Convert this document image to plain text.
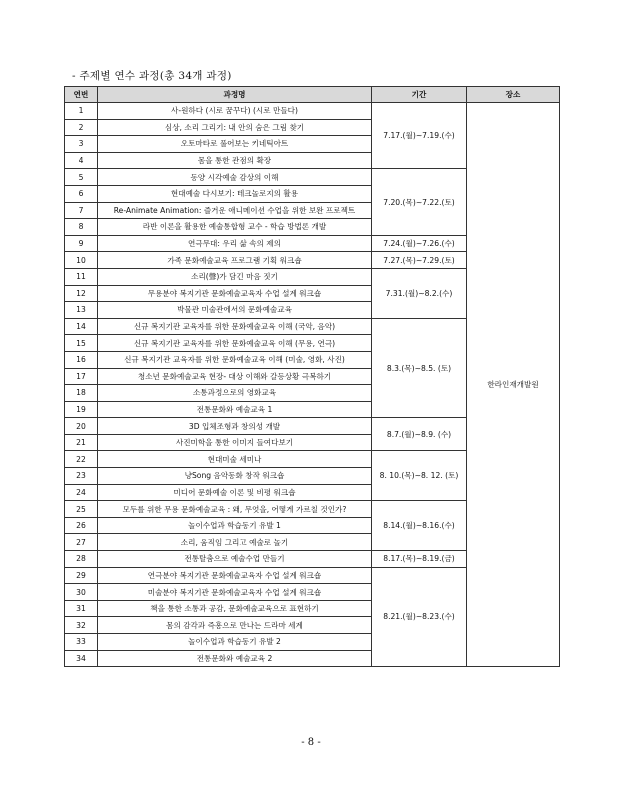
- 주제별 연수 과정(총 34개 과정)
연번	과정명	기간	장소
1	사-원하다 (시로 꿈꾸다) (시로 만들다)	7.17.(월)~7.19.(수)	한라인재개발원
2	심상, 소리 그리기: 내 안의 숨은 그림 찾기		
3	오토마타로 풀어보는 키네틱아트		
4	몸을 통한 관점의 확장		
5	동양 시각예술 감상의 이해	7.20.(목)~7.22.(토)	
6	현대예술 다시보기: 테크놀로지의 활용		
7	Re-Animate Animation: 즐거운 애니메이션 수업을 위한 보완 프로젝트		
8	라반 이론을 활용한 예술통합형 교수 - 학습 방법론 개발		
9	연극무대: 우리 삶 속의 제의	7.24.(월)~7.26.(수)	
10	가족 문화예술교육 프로그램 기획 워크숍	7.27.(목)~7.29.(토)	
11	소리(聲)가 담긴 마음 짓기	7.31.(월)~8.2.(수)	
12	무용분야 복지기관 문화예술교육자 수업 설계 워크숍		
13	박물관 미술관에서의 문화예술교육		
14	신규 복지기관 교육자를 위한 문화예술교육 이해 (국악, 음악)	8.3.(목)~8.5. (토)	
15	신규 복지기관 교육자를 위한 문화예술교육 이해 (무용, 연극)		
16	신규 복지기관 교육자를 위한 문화예술교육 이해 (미술, 영화, 사진)		
17	청소년 문화예술교육 현장- 대상 이해와 갈등상황 극복하기		
18	소통과정으로의 영화교육		
19	전통문화와 예술교육 1		
20	3D 입체조형과 창의성 개발	8.7.(월)~8.9. (수)	
21	사진미학을 통한 이미지 들여다보기		
22	현대미술 세미나	8. 10.(목)~8. 12. (토)	
23	냥Song 음악동화 창작 워크숍		
24	미디어 문화예술 이론 및 비평 워크숍		
25	모두를 위한 무용 문화예술교육 : 왜, 무엇을, 어떻게 가르칠 것인가?	8.14.(월)~8.16.(수)	
26	놀이수업과 학습동기 유발 1		
27	소리, 움직임 그리고 예술로 놀기		
28	전통탈춤으로 예술수업 만들기	8.17.(목)~8.19.(금)	
29	연극분야 복지기관 문화예술교육자 수업 설계 워크숍	8.21.(월)~8.23.(수)	
30	미술분야 복지기관 문화예술교육자 수업 설계 워크숍		
31	책을 통한 소통과 공감, 문화예술교육으로 표현하기		
32	몸의 감각과 즉흥으로 만나는 드라마 세계		
33	놀이수업과 학습동기 유발 2		
34	전통문화와 예술교육 2		
- 8 -
